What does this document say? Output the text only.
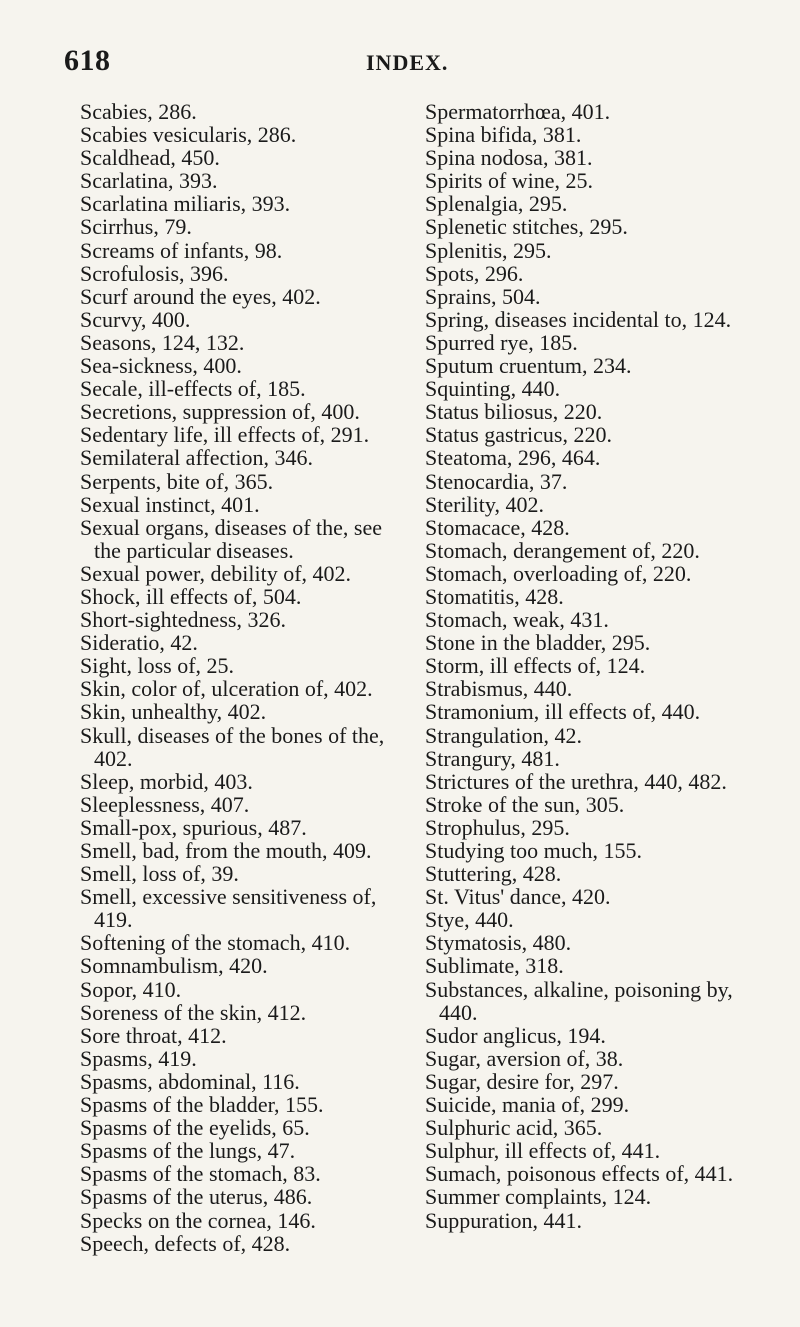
618	INDEX.
Scabies, 286.
Scabies vesicularis, 286.
Scaldhead, 450.
Scarlatina, 393.
Scarlatina miliaris, 393.
Scirrhus, 79.
Screams of infants, 98.
Scrofulosis, 396.
Scurf around the eyes, 402.
Scurvy, 400.
Seasons, 124, 132.
Sea-sickness, 400.
Secale, ill-effects of, 185.
Secretions, suppression of, 400.
Sedentary life, ill effects of, 291.
Semilateral affection, 346.
Serpents, bite of, 365.
Sexual instinct, 401.
Sexual organs, diseases of the, see the particular diseases.
Sexual power, debility of, 402.
Shock, ill effects of, 504.
Short-sightedness, 326.
Sideratio, 42.
Sight, loss of, 25.
Skin, color of, ulceration of, 402.
Skin, unhealthy, 402.
Skull, diseases of the bones of the, 402.
Sleep, morbid, 403.
Sleeplessness, 407.
Small-pox, spurious, 487.
Smell, bad, from the mouth, 409.
Smell, loss of, 39.
Smell, excessive sensitiveness of, 419.
Softening of the stomach, 410.
Somnambulism, 420.
Sopor, 410.
Soreness of the skin, 412.
Sore throat, 412.
Spasms, 419.
Spasms, abdominal, 116.
Spasms of the bladder, 155.
Spasms of the eyelids, 65.
Spasms of the lungs, 47.
Spasms of the stomach, 83.
Spasms of the uterus, 486.
Specks on the cornea, 146.
Speech, defects of, 428.
Spermatorrhœa, 401.
Spina bifida, 381.
Spina nodosa, 381.
Spirits of wine, 25.
Splenalgia, 295.
Splenetic stitches, 295.
Splenitis, 295.
Spots, 296.
Sprains, 504.
Spring, diseases incidental to, 124.
Spurred rye, 185.
Sputum cruentum, 234.
Squinting, 440.
Status biliosus, 220.
Status gastricus, 220.
Steatoma, 296, 464.
Stenocardia, 37.
Sterility, 402.
Stomacace, 428.
Stomach, derangement of, 220.
Stomach, overloading of, 220.
Stomatitis, 428.
Stomach, weak, 431.
Stone in the bladder, 295.
Storm, ill effects of, 124.
Strabismus, 440.
Stramonium, ill effects of, 440.
Strangulation, 42.
Strangury, 481.
Strictures of the urethra, 440, 482.
Stroke of the sun, 305.
Strophulus, 295.
Studying too much, 155.
Stuttering, 428.
St. Vitus' dance, 420.
Stye, 440.
Stymatosis, 480.
Sublimate, 318.
Substances, alkaline, poisoning by, 440.
Sudor anglicus, 194.
Sugar, aversion of, 38.
Sugar, desire for, 297.
Suicide, mania of, 299.
Sulphuric acid, 365.
Sulphur, ill effects of, 441.
Sumach, poisonous effects of, 441.
Summer complaints, 124.
Suppuration, 441.
